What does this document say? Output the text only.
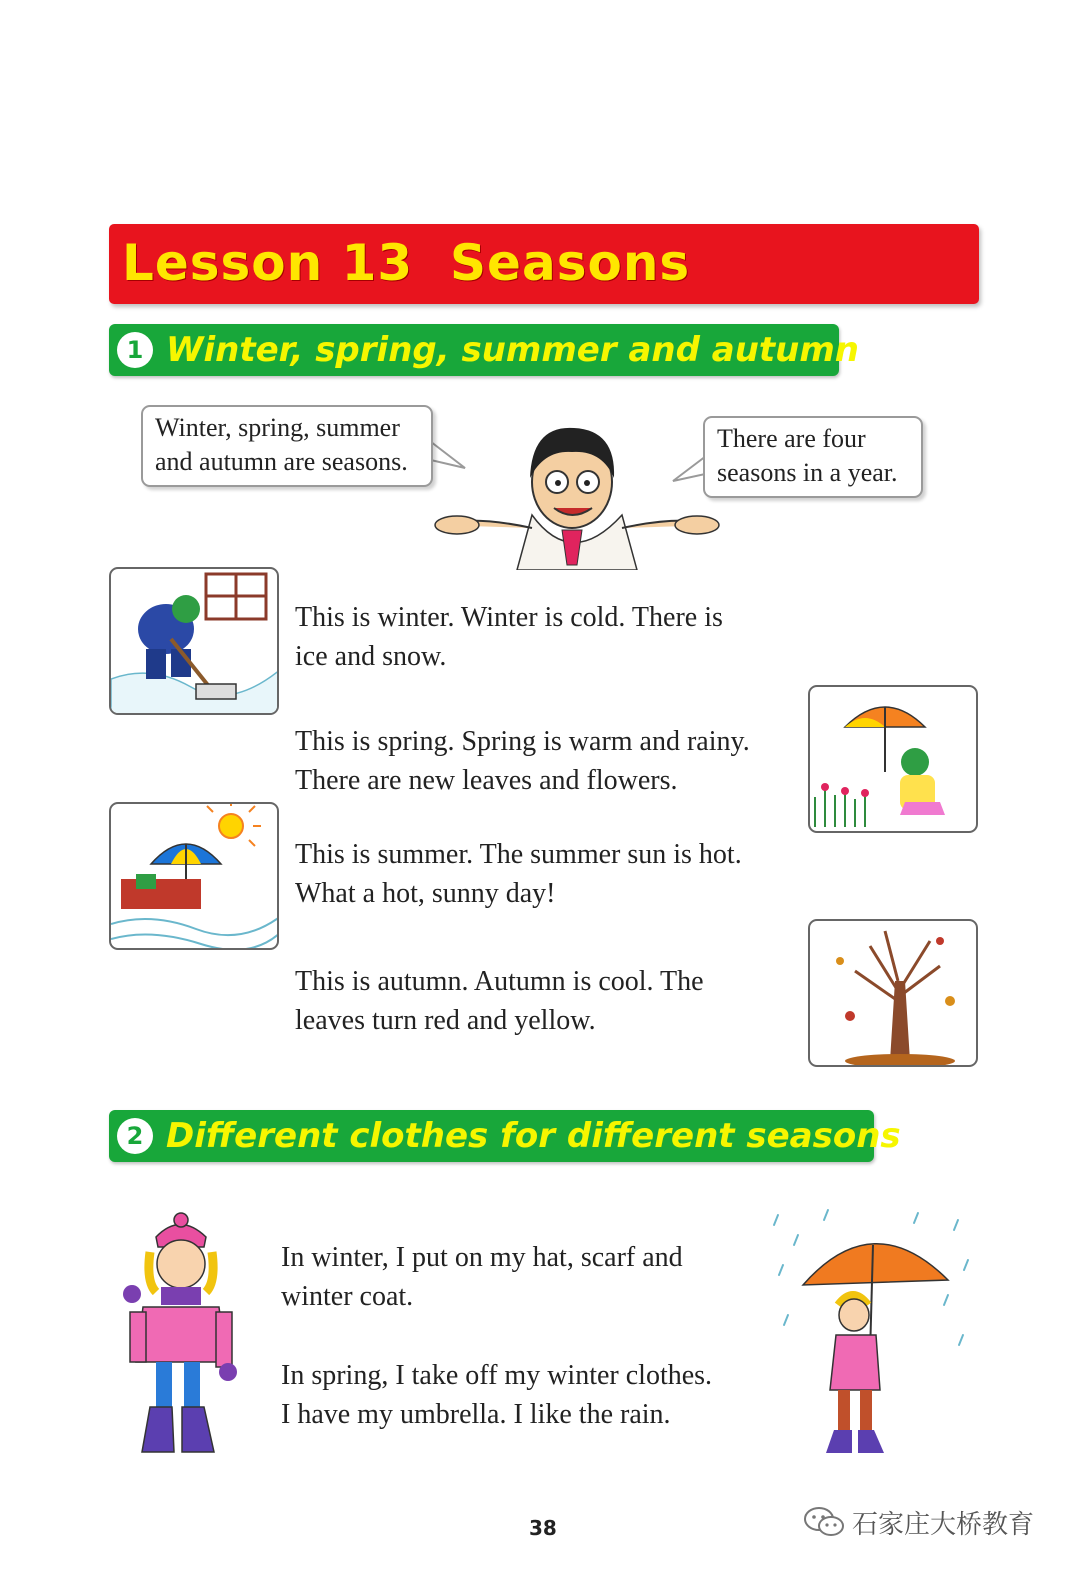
Lesson 13  Seasons
1 Winter, spring, summer and autumn
Winter, spring, summer and autumn are seasons.
There are four seasons in a year.
This is winter. Winter is cold. There is
ice and snow.
This is spring. Spring is warm and rainy.
There are new leaves and flowers.
This is summer. The summer sun is hot.
What a hot, sunny day!
This is autumn. Autumn is cool. The
leaves turn red and yellow.
2 Different clothes for different seasons
In winter, I put on my hat, scarf and
winter coat.
In spring, I take off my winter clothes.
I have my umbrella. I like the rain.
38	石家庄大桥教育
